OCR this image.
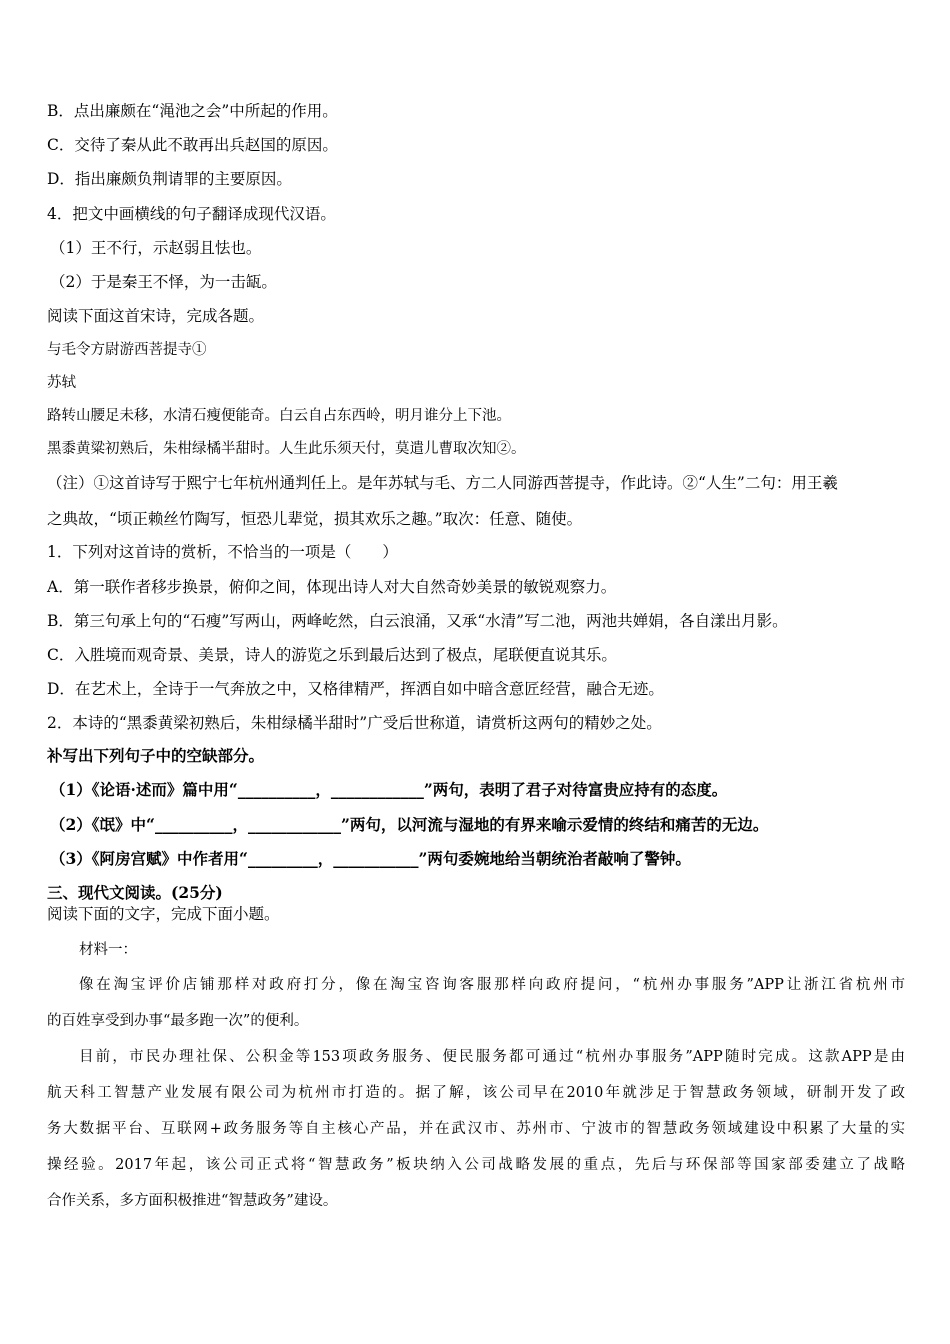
B．点出廉颇在“渑池之会”中所起的作用。

C．交待了秦从此不敢再出兵赵国的原因。

D．指出廉颇负荆请罪的主要原因。

4．把文中画横线的句子翻译成现代汉语。

（1）王不行，示赵弱且怯也。

（2）于是秦王不怿，为一击缻。

阅读下面这首宋诗，完成各题。

与毛令方尉游西菩提寺①

苏轼

路转山腰足未移，水清石瘦便能奇。白云自占东西岭，明月谁分上下池。

黑黍黄粱初熟后，朱柑绿橘半甜时。人生此乐须天付，莫遣儿曹取次知②。

（注）①这首诗写于熙宁七年杭州通判任上。是年苏轼与毛、方二人同游西菩提寺，作此诗。②“人生”二句：用王羲

之典故，“顷正赖丝竹陶写，恒恐儿辈觉，损其欢乐之趣。”取次：任意、随使。

1．下列对这首诗的赏析，不恰当的一项是（　　）

A．第一联作者移步换景，俯仰之间，体现出诗人对大自然奇妙美景的敏锐观察力。

B．第三句承上句的“石瘦”写两山，两峰屹然，白云浪涌，又承“水清”写二池，两池共婵娟，各自漾出月影。

C．入胜境而观奇景、美景，诗人的游览之乐到最后达到了极点，尾联便直说其乐。

D．在艺术上，全诗于一气奔放之中，又格律精严，挥洒自如中暗含意匠经营，融合无迹。

2．本诗的“黑黍黄梁初熟后，朱柑绿橘半甜时”广受后世称道，请赏析这两句的精妙之处。

补写出下列句子中的空缺部分。

（1）《论语·述而》篇中用“__________，____________”两句，表明了君子对待富贵应持有的态度。

（2）《氓》中“__________，____________”两句，以河流与湿地的有界来喻示爱情的终结和痛苦的无边。

（3）《阿房宫赋》中作者用“_________，___________”两句委婉地给当朝统治者敲响了警钟。

三、现代文阅读。(25分)

阅读下面的文字，完成下面小题。

材料一：

像在淘宝评价店铺那样对政府打分，像在淘宝咨询客服那样向政府提问，“杭州办事服务”APP让浙江省杭州市

的百姓享受到办事“最多跑一次”的便利。

目前，市民办理社保、公积金等153项政务服务、便民服务都可通过“杭州办事服务”APP随时完成。这款APP是由

航天科工智慧产业发展有限公司为杭州市打造的。据了解，该公司早在2010年就涉足于智慧政务领域，研制开发了政

务大数据平台、互联网+政务服务等自主核心产品，并在武汉市、苏州市、宁波市的智慧政务领域建设中积累了大量的实

操经验。2017年起，该公司正式将“智慧政务”板块纳入公司战略发展的重点，先后与环保部等国家部委建立了战略

合作关系，多方面积极推进“智慧政务”建设。
